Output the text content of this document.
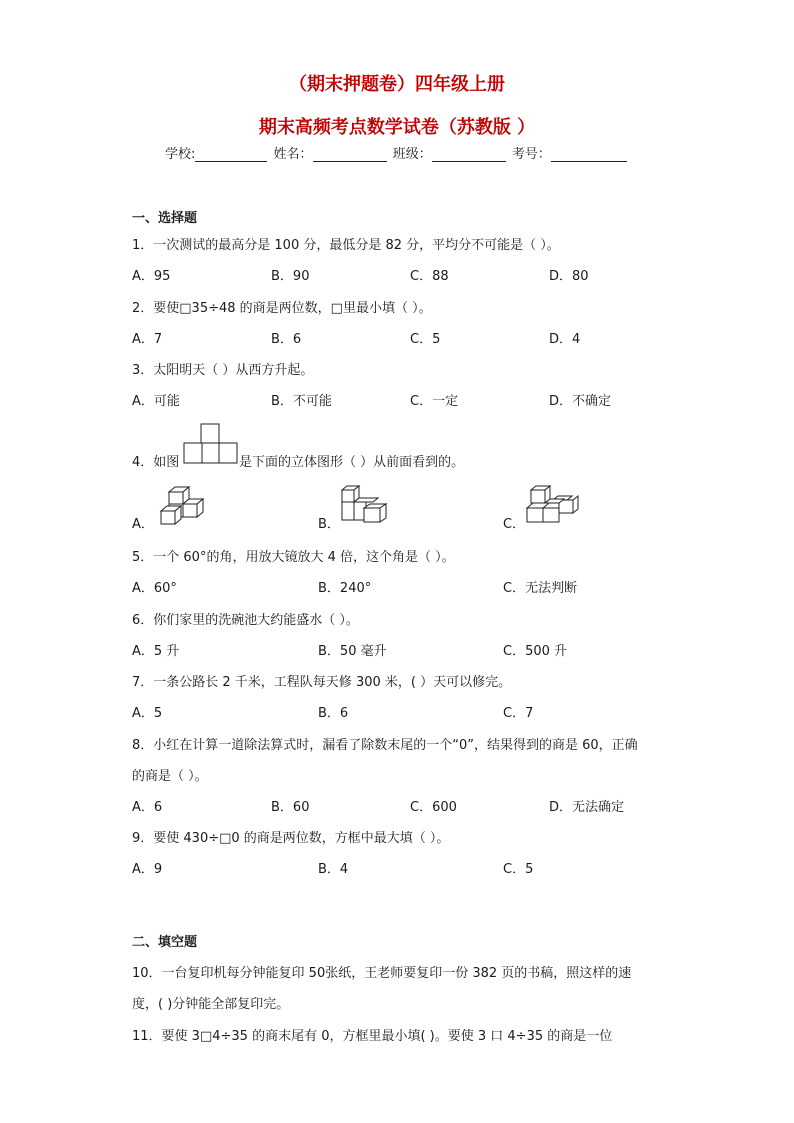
（期末押题卷）四年级上册
期末高频考点数学试卷（苏教版 ）
学校:	姓名：	班级：	考号：
一、选择题
1．一次测试的最高分是 100 分，最低分是 82 分，平均分不可能是（ ）。
A．95	B．90	C．88	D．80
2．要使□35÷48 的商是两位数，□里最小填（ ）。
A．7	B．6	C．5	D．4
3．太阳明天（ ）从西方升起。
A．可能	B．不可能	C．一定	D．不确定
4．如图	是下面的立体图形（ ）从前面看到的。
A．	B．	C．
5．一个 60°的角，用放大镜放大 4 倍，这个角是（ ）。
A．60°	B．240°	C．无法判断
6．你们家里的洗碗池大约能盛水（ ）。
A．5 升	B．50 毫升	C．500 升
7．一条公路长 2 千米，工程队每天修 300 米，( ）天可以修完。
A．5	B．6	C．7
8．小红在计算一道除法算式时，漏看了除数末尾的一个“0”，结果得到的商是 60，正确
的商是（ ）。
A．6	B．60	C．600	D．无法确定
9．要使 430÷□0 的商是两位数，方框中最大填（ ）。
A．9	B．4	C．5
二、填空题
10．一台复印机每分钟能复印 50张纸，王老师要复印一份 382 页的书稿，照这样的速
度，( )分钟能全部复印完。
11．要使 3□4÷35 的商末尾有 0，方框里最小填( )。要使 3 口 4÷35 的商是一位
